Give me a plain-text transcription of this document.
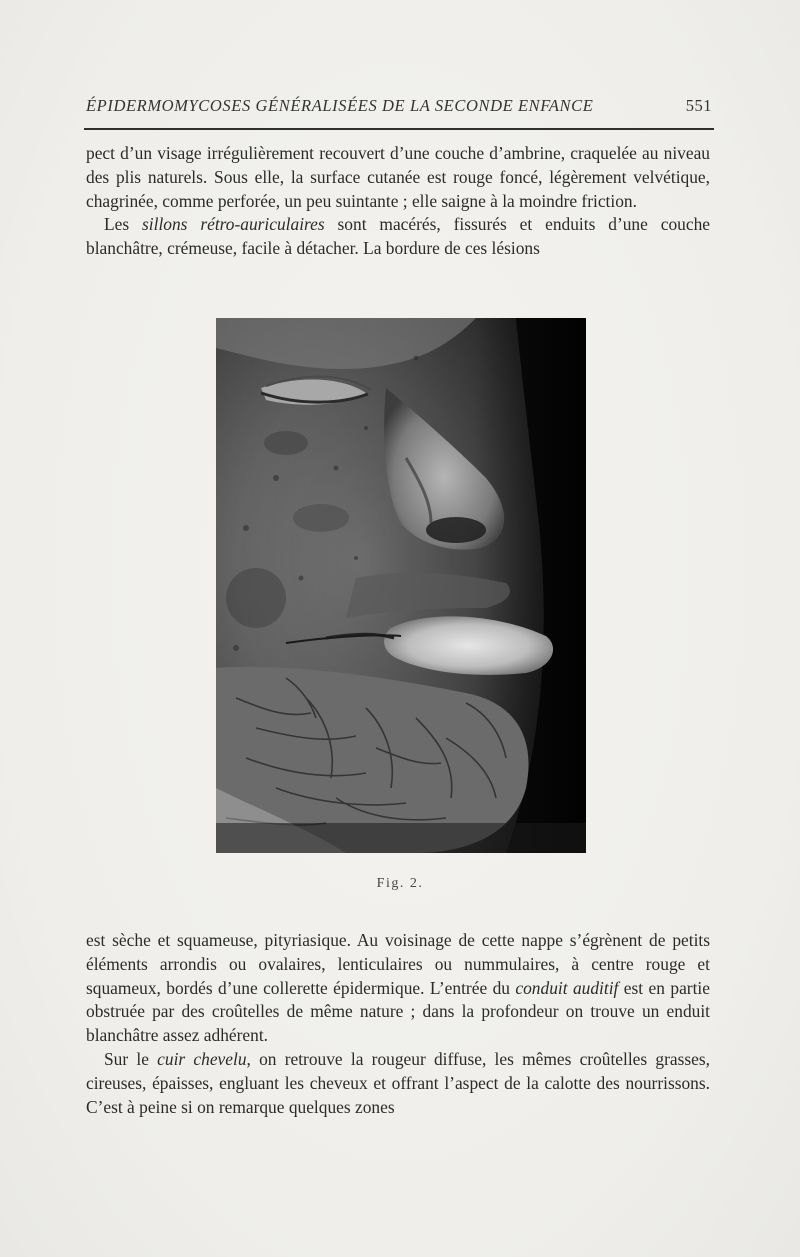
ÉPIDERMOMYCOSES GÉNÉRALISÉES DE LA SECONDE ENFANCE	551

pect d’un visage irrégulièrement recouvert d’une couche d’ambrine, craquelée au niveau des plis naturels. Sous elle, la surface cutanée est rouge foncé, légèrement velvétique, chagrinée, comme perforée, un peu suintante ; elle saigne à la moindre friction.

Les sillons rétro-auriculaires sont macérés, fissurés et enduits d’une couche blanchâtre, crémeuse, facile à détacher. La bordure de ces lésions

Fig. 2.

est sèche et squameuse, pityriasique. Au voisinage de cette nappe s’égrènent de petits éléments arrondis ou ovalaires, lenticulaires ou nummulaires, à centre rouge et squameux, bordés d’une collerette épidermique. L’entrée du conduit auditif est en partie obstruée par des croûtelles de même nature ; dans la profondeur on trouve un enduit blanchâtre assez adhérent.

Sur le cuir chevelu, on retrouve la rougeur diffuse, les mêmes croûtelles grasses, cireuses, épaisses, engluant les cheveux et offrant l’aspect de la calotte des nourrissons. C’est à peine si on remarque quelques zones
